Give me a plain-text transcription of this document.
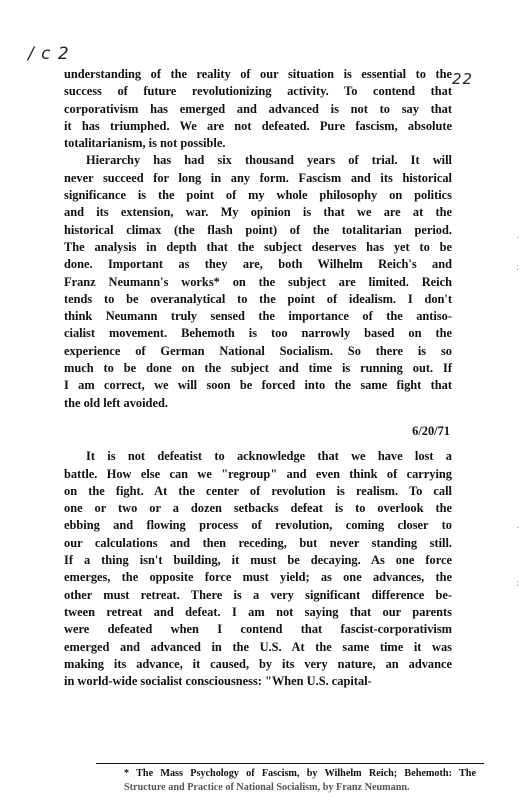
/ c 2
22
understanding of the reality of our situation is essential to the
success of future revolutionizing activity. To contend that
corporativism has emerged and advanced is not to say that
it has triumphed. We are not defeated. Pure fascism, absolute
totalitarianism, is not possible.
Hierarchy has had six thousand years of trial. It will
never succeed for long in any form. Fascism and its historical
significance is the point of my whole philosophy on politics
and its extension, war. My opinion is that we are at the
historical climax (the flash point) of the totalitarian period.
The analysis in depth that the subject deserves has yet to be
done. Important as they are, both Wilhelm Reich's and
Franz Neumann's works* on the subject are limited. Reich
tends to be overanalytical to the point of idealism. I don't
think Neumann truly sensed the importance of the antiso-
cialist movement. Behemoth is too narrowly based on the
experience of German National Socialism. So there is so
much to be done on the subject and time is running out. If
I am correct, we will soon be forced into the same fight that
the old left avoided.
6/20/71
It is not defeatist to acknowledge that we have lost a
battle. How else can we "regroup" and even think of carrying
on the fight. At the center of revolution is realism. To call
one or two or a dozen setbacks defeat is to overlook the
ebbing and flowing process of revolution, coming closer to
our calculations and then receding, but never standing still.
If a thing isn't building, it must be decaying. As one force
emerges, the opposite force must yield; as one advances, the
other must retreat. There is a very significant difference be-
tween retreat and defeat. I am not saying that our parents
were defeated when I contend that fascist-corporativism
emerged and advanced in the U.S. At the same time it was
making its advance, it caused, by its very nature, an advance
in world-wide socialist consciousness: "When U.S. capital-
* The Mass Psychology of Fascism, by Wilhelm Reich; Behemoth: The
Structure and Practice of National Socialism, by Franz Neumann.
.
:
.
:
